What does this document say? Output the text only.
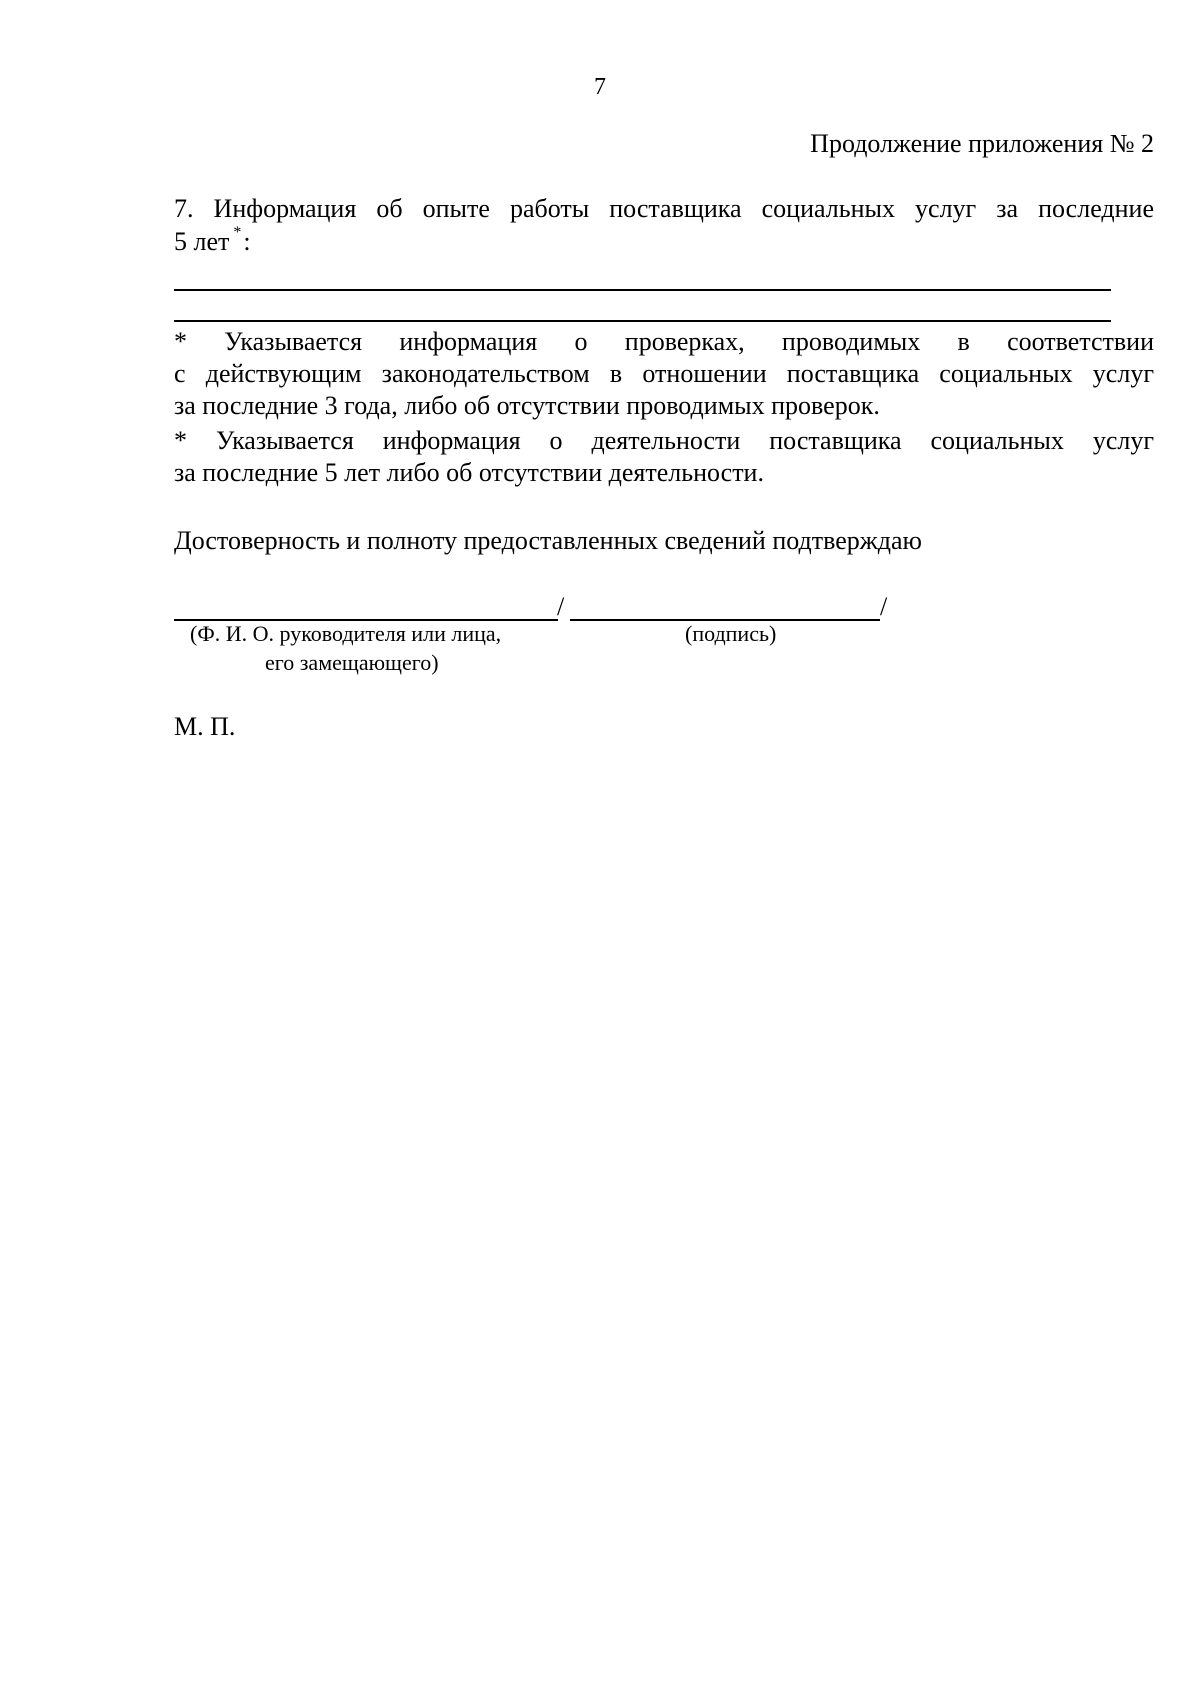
7
Продолжение приложения № 2
7. Информация об опыте работы поставщика социальных услуг за последние
5 лет *:
* Указывается информация о проверках, проводимых в соответствии
с действующим законодательством в отношении поставщика социальных услуг
за последние 3 года, либо об отсутствии проводимых проверок.
* Указывается информация о деятельности поставщика социальных услуг
за последние 5 лет либо об отсутствии деятельности.
Достоверность и полноту предоставленных сведений подтверждаю
/	/
(Ф. И. О. руководителя или лица,
его замещающего)
(подпись)
М. П.
